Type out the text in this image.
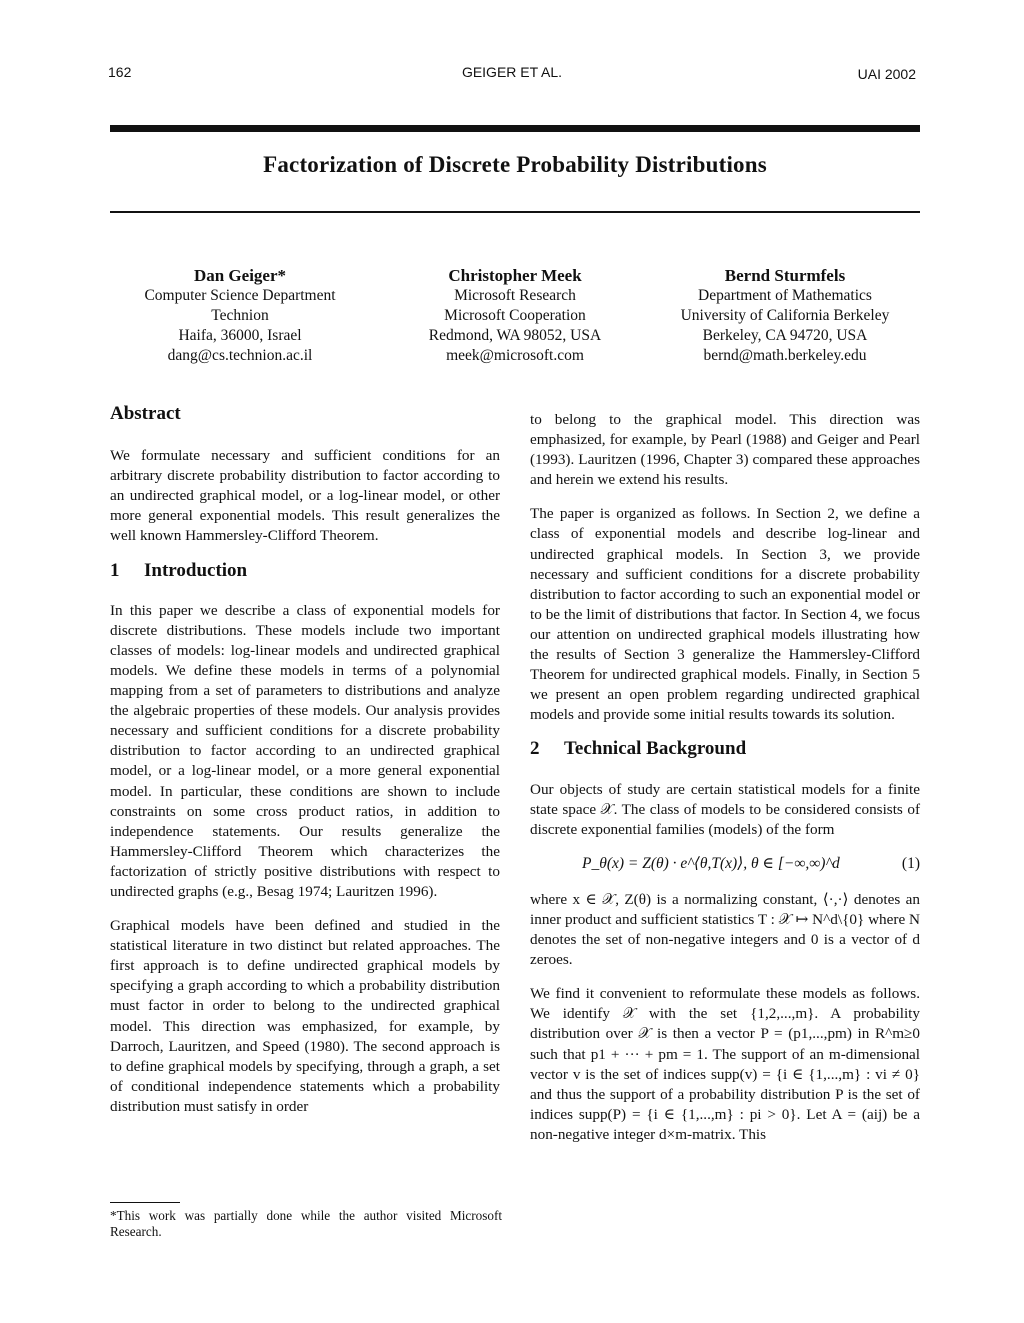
162	GEIGER ET AL.	UAI 2002
Factorization of Discrete Probability Distributions
Dan Geiger*
Computer Science Department
Technion
Haifa, 36000, Israel
dang@cs.technion.ac.il
Christopher Meek
Microsoft Research
Microsoft Cooperation
Redmond, WA 98052, USA
meek@microsoft.com
Bernd Sturmfels
Department of Mathematics
University of California Berkeley
Berkeley, CA 94720, USA
bernd@math.berkeley.edu
Abstract

We formulate necessary and sufficient conditions for an arbitrary discrete probability distribution to factor according to an undirected graphical model, or a log-linear model, or other more general exponential models. This result generalizes the well known Hammersley-Clifford Theorem.

1 Introduction

In this paper we describe a class of exponential models for discrete distributions. These models include two important classes of models: log-linear models and undirected graphical models. We define these models in terms of a polynomial mapping from a set of parameters to distributions and analyze the algebraic properties of these models. Our analysis provides necessary and sufficient conditions for a discrete probability distribution to factor according to an undirected graphical model, or a log-linear model, or a more general exponential model. In particular, these conditions are shown to include constraints on some cross product ratios, in addition to independence statements. Our results generalize the Hammersley-Clifford Theorem which characterizes the factorization of strictly positive distributions with respect to undirected graphs (e.g., Besag 1974; Lauritzen 1996).

Graphical models have been defined and studied in the statistical literature in two distinct but related approaches. The first approach is to define undirected graphical models by specifying a graph according to which a probability distribution must factor in order to belong to the undirected graphical model. This direction was emphasized, for example, by Darroch, Lauritzen, and Speed (1980). The second approach is to define graphical models by specifying, through a graph, a set of conditional independence statements which a probability distribution must satisfy in order

*This work was partially done while the author visited Microsoft Research.

to belong to the graphical model. This direction was emphasized, for example, by Pearl (1988) and Geiger and Pearl (1993). Lauritzen (1996, Chapter 3) compared these approaches and herein we extend his results.

The paper is organized as follows. In Section 2, we define a class of exponential models and describe log-linear and undirected graphical models. In Section 3, we provide necessary and sufficient conditions for a discrete probability distribution to factor according to such an exponential model or to be the limit of distributions that factor. In Section 4, we focus our attention on undirected graphical models illustrating how the results of Section 3 generalize the Hammersley-Clifford Theorem for undirected graphical models. Finally, in Section 5 we present an open problem regarding undirected graphical models and provide some initial results towards its solution.

2 Technical Background

Our objects of study are certain statistical models for a finite state space 𝒳. The class of models to be considered consists of discrete exponential families (models) of the form

P_θ(x) = Z(θ) · e^⟨θ,T(x)⟩, θ ∈ [−∞,∞)^d	(1)

where x ∈ 𝒳, Z(θ) is a normalizing constant, ⟨·,·⟩ denotes an inner product and sufficient statistics T : 𝒳 ↦ N^d\{0} where N denotes the set of non-negative integers and 0 is a vector of d zeroes.

We find it convenient to reformulate these models as follows. We identify 𝒳 with the set {1,2,...,m}. A probability distribution over 𝒳 is then a vector P = (p1,...,pm) in R^m≥0 such that p1 + ··· + pm = 1. The support of an m-dimensional vector v is the set of indices supp(v) = {i ∈ {1,...,m} : vi ≠ 0} and thus the support of a probability distribution P is the set of indices supp(P) = {i ∈ {1,...,m} : pi > 0}. Let A = (aij) be a non-negative integer d×m-matrix. This
